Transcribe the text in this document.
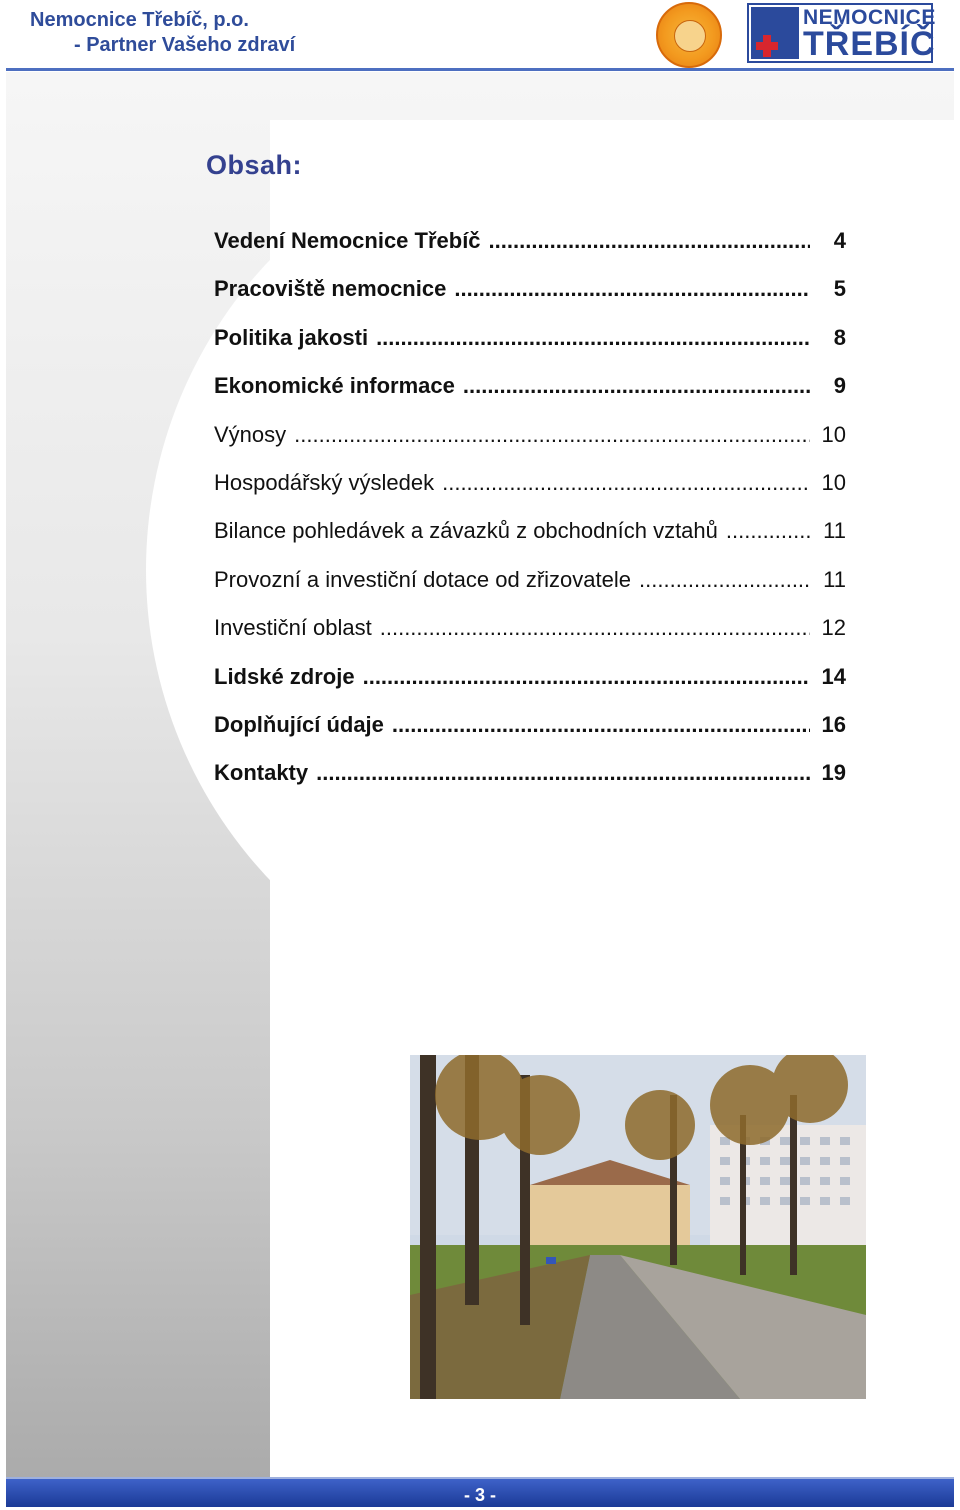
Nemocnice Třebíč, p.o.
- Partner Vašeho zdraví
NEMOCNICE
TŘEBÍČ
Obsah:
Vedení Nemocnice Třebíč .....	4
Pracoviště nemocnice .....	5
Politika jakosti .....	8
Ekonomické informace .....	9
Výnosy .....	10
Hospodářský výsledek .....	10
Bilance pohledávek a závazků z obchodních vztahů .....	11
Provozní a investiční dotace od zřizovatele .....	11
Investiční oblast .....	12
Lidské zdroje .....	14
Doplňující údaje .....	16
Kontakty .....	19
- 3 -
